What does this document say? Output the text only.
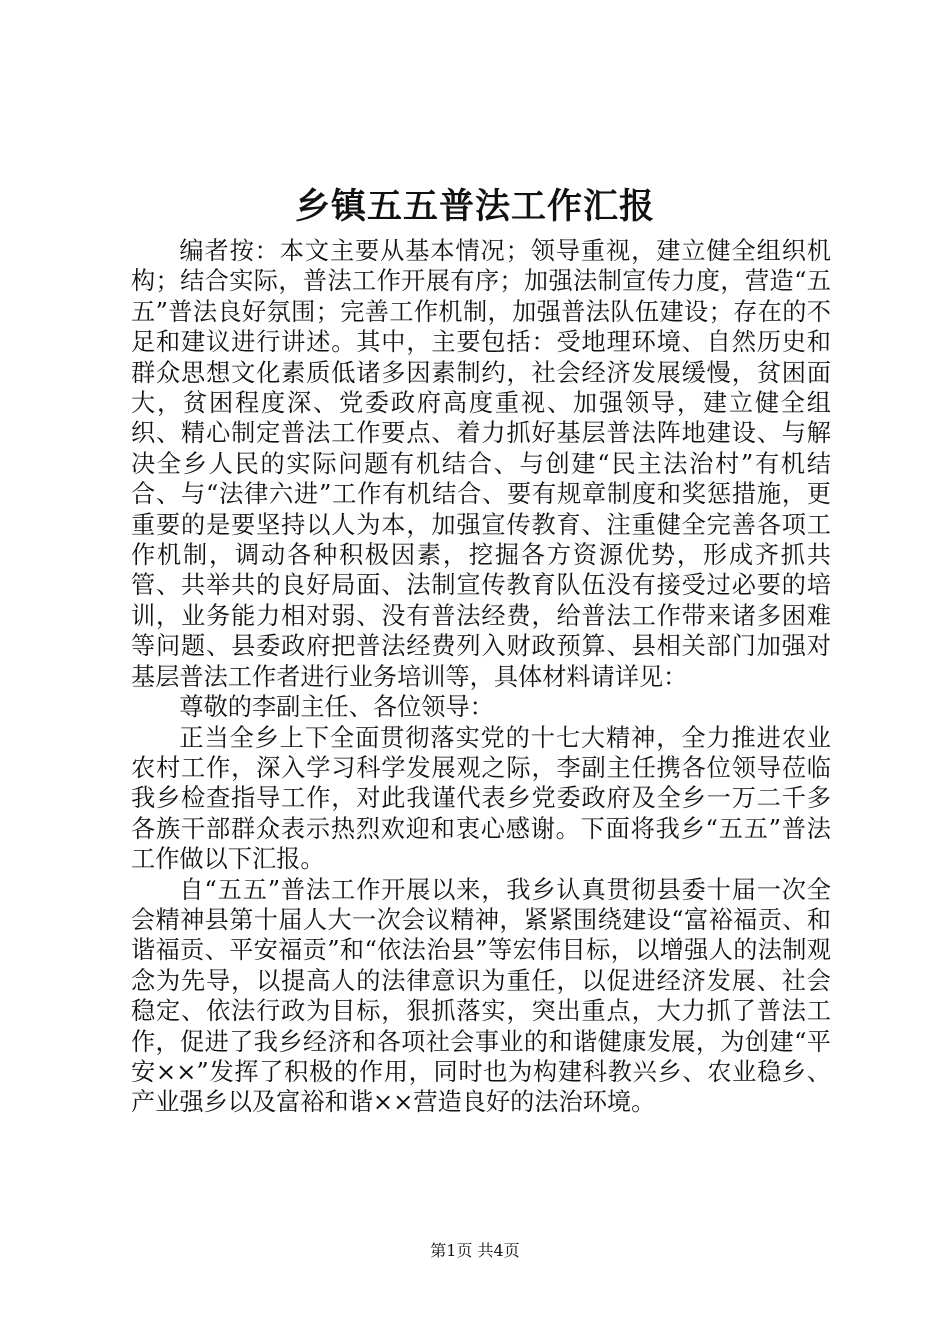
乡镇五五普法工作汇报

编者按：本文主要从基本情况；领导重视，建立健全组织机构；结合实际，普法工作开展有序；加强法制宣传力度，营造“五五”普法良好氛围；完善工作机制，加强普法队伍建设；存在的不足和建议进行讲述。其中，主要包括：受地理环境、自然历史和群众思想文化素质低诸多因素制约，社会经济发展缓慢，贫困面大，贫困程度深、党委政府高度重视、加强领导，建立健全组织、精心制定普法工作要点、着力抓好基层普法阵地建设、与解决全乡人民的实际问题有机结合、与创建“民主法治村”有机结合、与“法律六进”工作有机结合、要有规章制度和奖惩措施，更重要的是要坚持以人为本，加强宣传教育、注重健全完善各项工作机制，调动各种积极因素，挖掘各方资源优势，形成齐抓共管、共举共的良好局面、法制宣传教育队伍没有接受过必要的培训，业务能力相对弱、没有普法经费，给普法工作带来诸多困难等问题、县委政府把普法经费列入财政预算、县相关部门加强对基层普法工作者进行业务培训等，具体材料请详见：

尊敬的李副主任、各位领导：

正当全乡上下全面贯彻落实党的十七大精神，全力推进农业农村工作，深入学习科学发展观之际，李副主任携各位领导莅临我乡检查指导工作，对此我谨代表乡党委政府及全乡一万二千多各族干部群众表示热烈欢迎和衷心感谢。下面将我乡“五五”普法工作做以下汇报。

自“五五”普法工作开展以来，我乡认真贯彻县委十届一次全会精神县第十届人大一次会议精神，紧紧围绕建设“富裕福贡、和谐福贡、平安福贡”和“依法治县”等宏伟目标，以增强人的法制观念为先导，以提高人的法律意识为重任，以促进经济发展、社会稳定、依法行政为目标，狠抓落实，突出重点，大力抓了普法工作，促进了我乡经济和各项社会事业的和谐健康发展，为创建“平安××”发挥了积极的作用，同时也为构建科教兴乡、农业稳乡、产业强乡以及富裕和谐××营造良好的法治环境。

第1页 共4页
